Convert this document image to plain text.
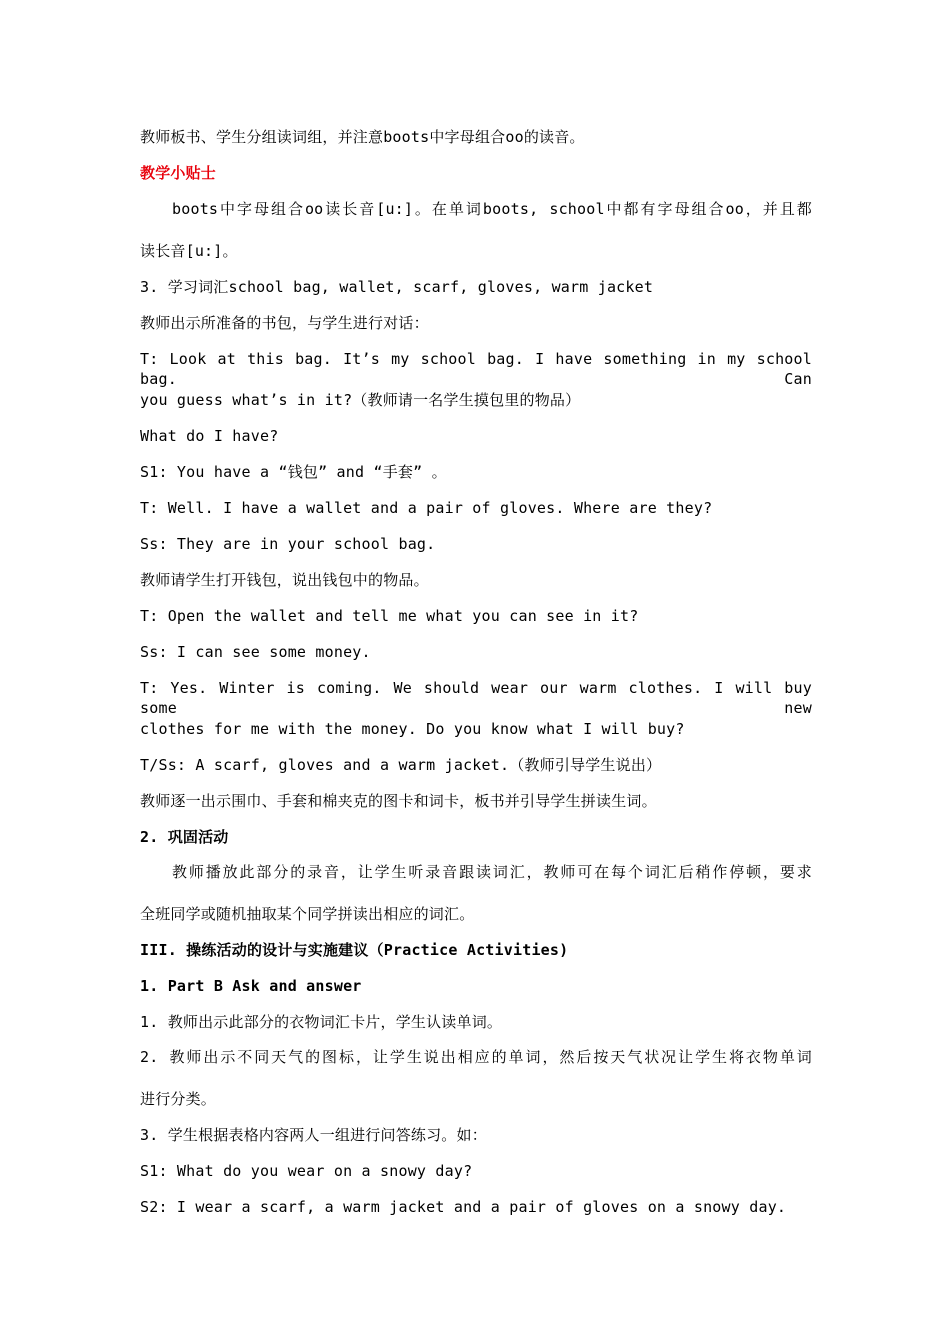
教师板书、学生分组读词组，并注意boots中字母组合oo的读音。
教学小贴士
boots中字母组合oo读长音[u:]。在单词boots, school中都有字母组合oo，并且都
读长音[u:]。
3. 学习词汇school bag, wallet, scarf, gloves, warm jacket
教师出示所准备的书包，与学生进行对话：
T: Look at this bag. It’s my school bag. I have something in my school bag. Can
you guess what’s in it?（教师请一名学生摸包里的物品）
What do I have?
S1: You have a “钱包” and “手套” 。
T: Well. I have a wallet and a pair of gloves. Where are they?
Ss: They are in your school bag.
教师请学生打开钱包，说出钱包中的物品。
T: Open the wallet and tell me what you can see in it?
Ss: I can see some money.
T: Yes. Winter is coming. We should wear our warm clothes. I will buy some new
clothes for me with the money. Do you know what I will buy?
T/Ss: A scarf, gloves and a warm jacket.（教师引导学生说出）
教师逐一出示围巾、手套和棉夹克的图卡和词卡，板书并引导学生拼读生词。
2. 巩固活动
教师播放此部分的录音，让学生听录音跟读词汇，教师可在每个词汇后稍作停顿，要求
全班同学或随机抽取某个同学拼读出相应的词汇。
III. 操练活动的设计与实施建议（Practice Activities)
1. Part B Ask and answer
1. 教师出示此部分的衣物词汇卡片，学生认读单词。
2. 教师出示不同天气的图标，让学生说出相应的单词，然后按天气状况让学生将衣物单词
进行分类。
3. 学生根据表格内容两人一组进行问答练习。如：
S1: What do you wear on a snowy day?
S2: I wear a scarf, a warm jacket and a pair of gloves on a snowy day.
